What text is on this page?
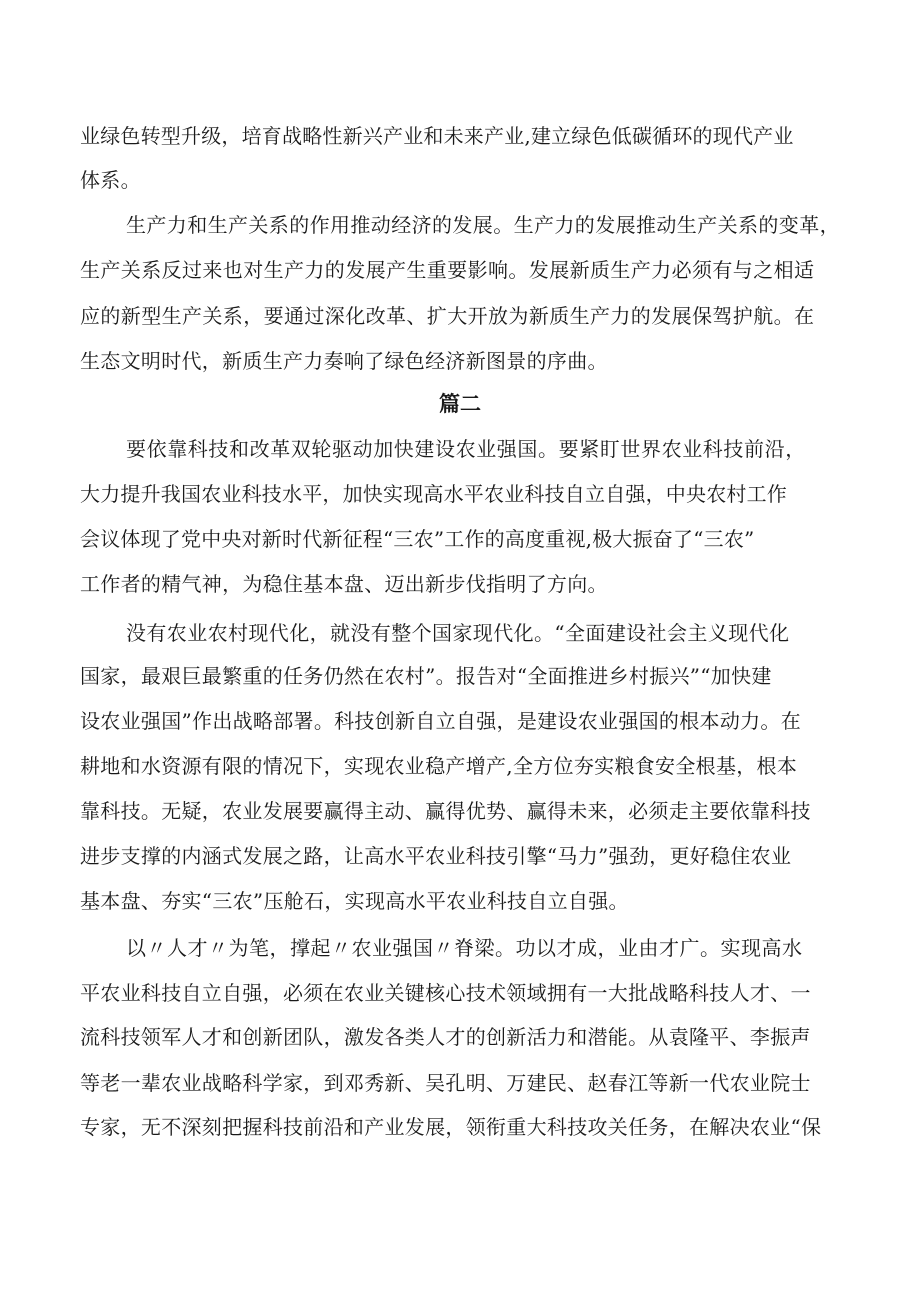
业绿色转型升级，培育战略性新兴产业和未来产业,建立绿色低碳循环的现代产业
体系。
生产力和生产关系的作用推动经济的发展。生产力的发展推动生产关系的变革，
生产关系反过来也对生产力的发展产生重要影响。发展新质生产力必须有与之相适
应的新型生产关系，要通过深化改革、扩大开放为新质生产力的发展保驾护航。在
生态文明时代，新质生产力奏响了绿色经济新图景的序曲。
篇二
要依靠科技和改革双轮驱动加快建设农业强国。要紧盯世界农业科技前沿，
大力提升我国农业科技水平，加快实现高水平农业科技自立自强，中央农村工作
会议体现了党中央对新时代新征程“三农”工作的高度重视,极大振奋了“三农”
工作者的精气神，为稳住基本盘、迈出新步伐指明了方向。
没有农业农村现代化，就没有整个国家现代化。“全面建设社会主义现代化
国家，最艰巨最繁重的任务仍然在农村”。报告对“全面推进乡村振兴”“加快建
设农业强国”作出战略部署。科技创新自立自强，是建设农业强国的根本动力。在
耕地和水资源有限的情况下，实现农业稳产增产,全方位夯实粮食安全根基，根本
靠科技。无疑，农业发展要赢得主动、赢得优势、赢得未来，必须走主要依靠科技
进步支撑的内涵式发展之路，让高水平农业科技引擎“马力”强劲，更好稳住农业
基本盘、夯实“三农”压舱石，实现高水平农业科技自立自强。
以〃人才〃为笔，撑起〃农业强国〃脊梁。功以才成，业由才广。实现高水
平农业科技自立自强，必须在农业关键核心技术领域拥有一大批战略科技人才、一
流科技领军人才和创新团队，激发各类人才的创新活力和潜能。从袁隆平、李振声
等老一辈农业战略科学家，到邓秀新、吴孔明、万建民、赵春江等新一代农业院士
专家，无不深刻把握科技前沿和产业发展，领衔重大科技攻关任务，在解决农业“保
